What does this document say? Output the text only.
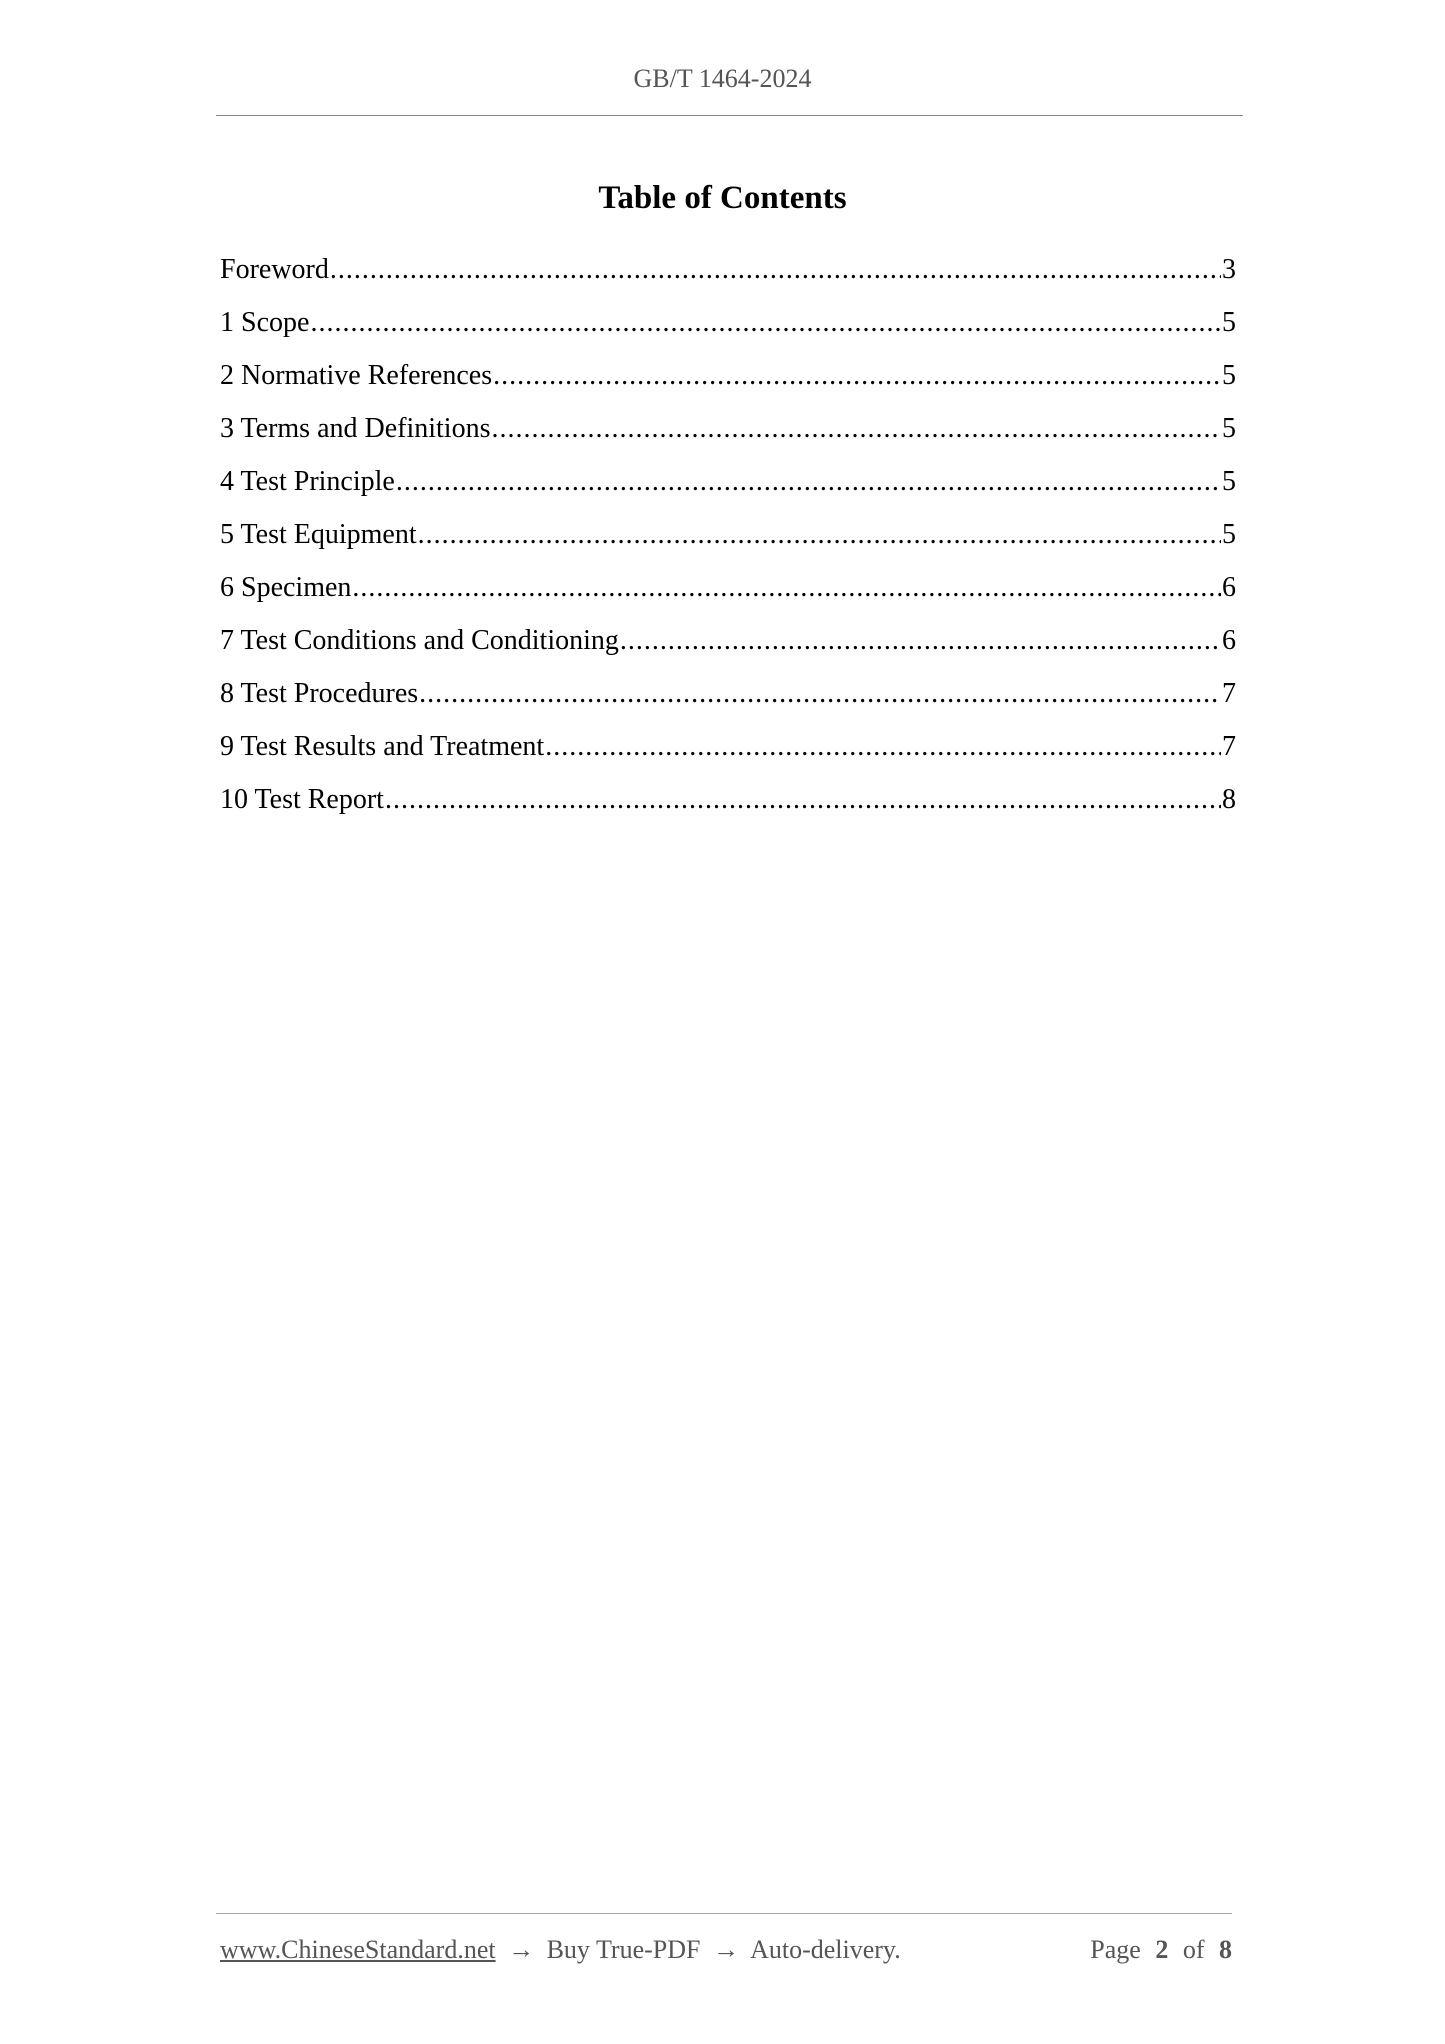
GB/T 1464-2024
Table of Contents
Foreword .....	3
1 Scope .....	5
2 Normative References .....	5
3 Terms and Definitions .....	5
4 Test Principle .....	5
5 Test Equipment .....	5
6 Specimen .....	6
7 Test Conditions and Conditioning .....	6
8 Test Procedures .....	7
9 Test Results and Treatment .....	7
10 Test Report .....	8
www.ChineseStandard.net → Buy True-PDF → Auto-delivery.	Page 2 of 8
